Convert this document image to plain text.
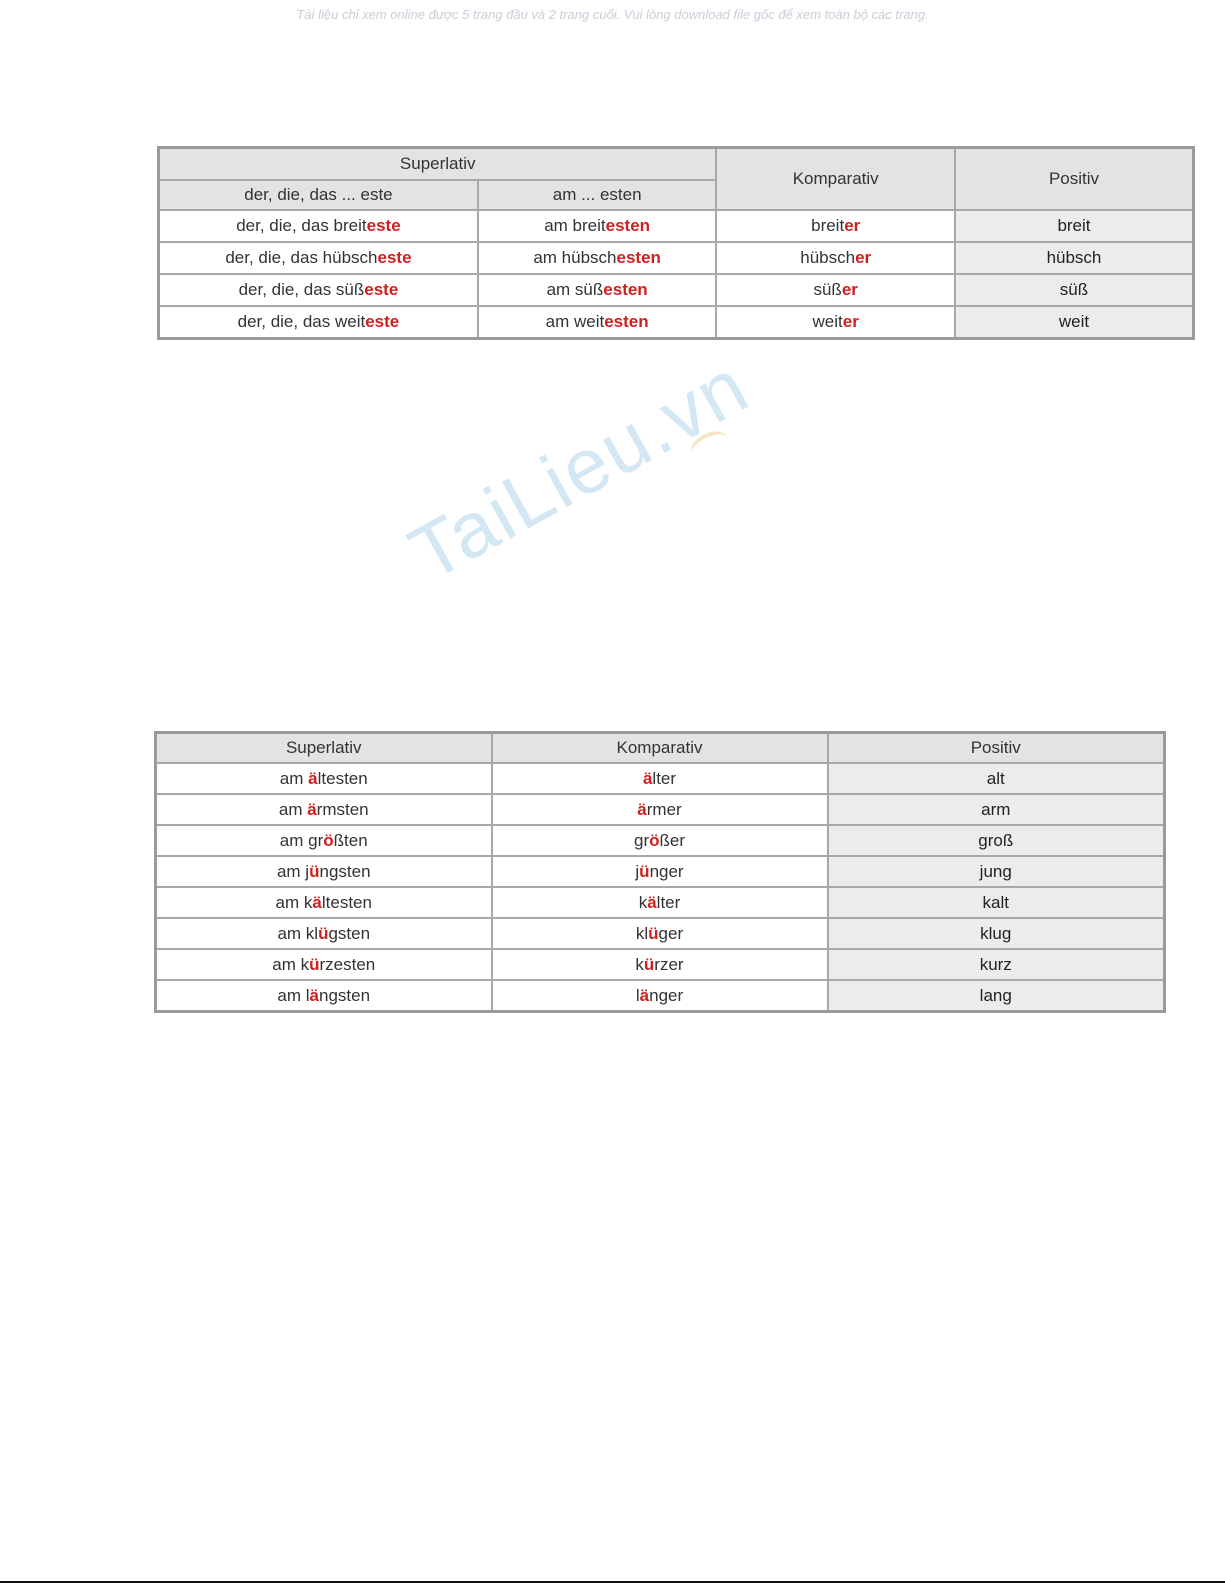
Tài liệu chỉ xem online được 5 trang đầu và 2 trang cuối. Vui lòng download file gốc để xem toàn bộ các trang.
Superlativ		Komparativ	Positiv
der, die, das ... este	am ... esten		
der, die, das breiteste	am breitesten	breiter	breit
der, die, das hübscheste	am hübschesten	hübscher	hübsch
der, die, das süßeste	am süßesten	süßer	süß
der, die, das weiteste	am weitesten	weiter	weit
TaiLieu.vn
Superlativ	Komparativ	Positiv
am ältesten	älter	alt
am ärmsten	ärmer	arm
am größten	größer	groß
am jüngsten	jünger	jung
am kältesten	kälter	kalt
am klügsten	klüger	klug
am kürzesten	kürzer	kurz
am längsten	länger	lang
